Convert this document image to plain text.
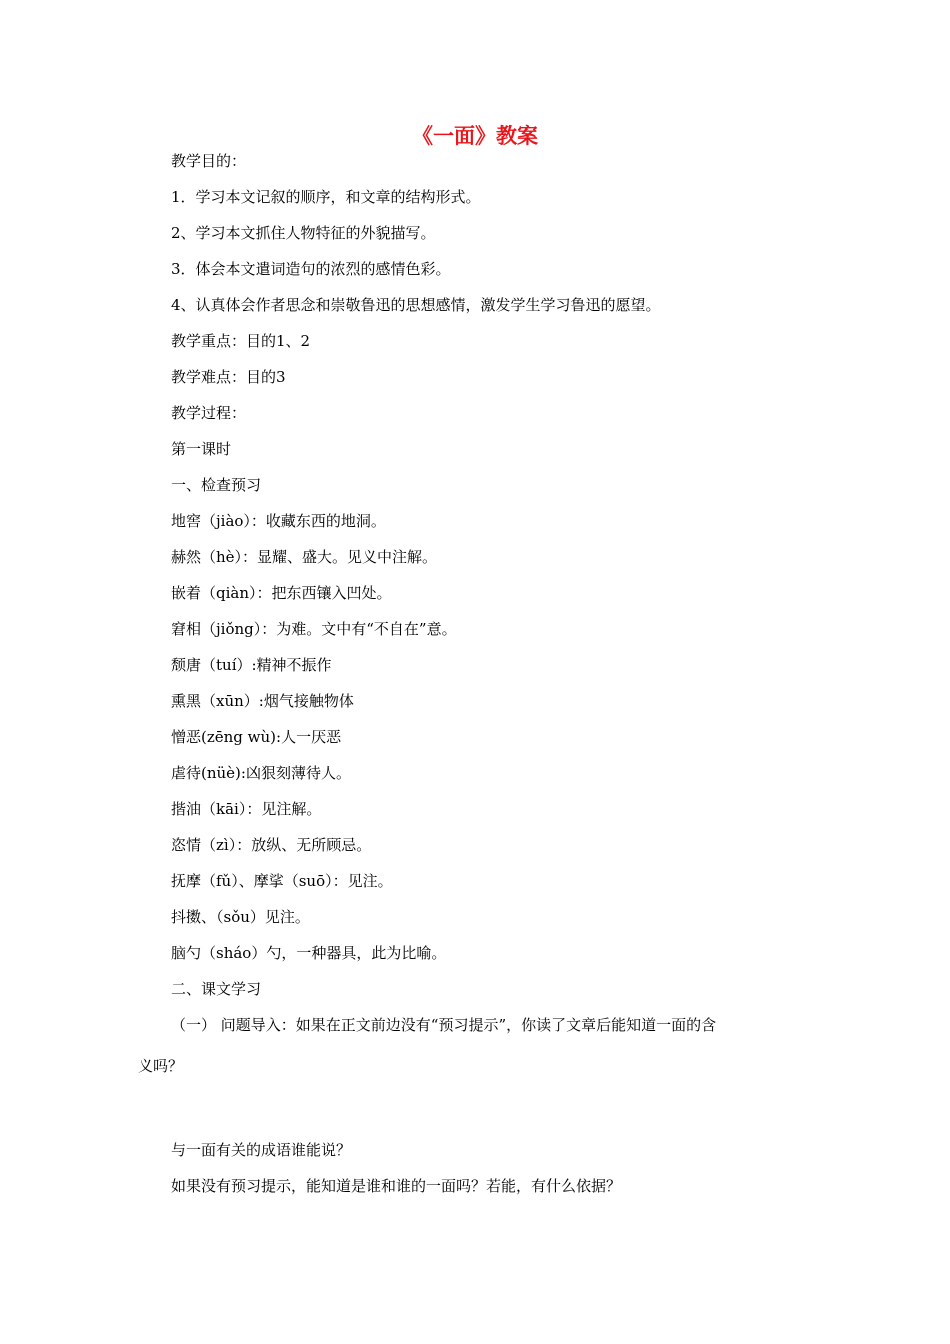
《一面》教案
教学目的：
1．学习本文记叙的顺序，和文章的结构形式。
2、学习本文抓住人物特征的外貌描写。
3．体会本文遣词造句的浓烈的感情色彩。
4、认真体会作者思念和崇敬鲁迅的思想感情，激发学生学习鲁迅的愿望。
教学重点：目的1、2
教学难点：目的3
教学过程：
第一课时
一、检查预习
地窖（jiào）：收藏东西的地洞。
赫然（hè）：显耀、盛大。见义中注解。
嵌着（qiàn）：把东西镶入凹处。
窘相（jiǒng）：为难。文中有“不自在”意。
颓唐（tuí）:精神不振作
熏黑（xūn）:烟气接触物体
憎恶(zēng wù):人一厌恶
虐待(nüè):凶狠刻薄待人。
揩油（kāi）：见注解。
恣情（zì）：放纵、无所顾忌。
抚摩（fǔ）、摩挲（suō）：见注。
抖擞、（sǒu）见注。
脑勺（sháo）勺，一种器具，此为比喻。
二、课文学习
（一） 问题导入：如果在正文前边没有“预习提示”，你读了文章后能知道一面的含
义吗？
与一面有关的成语谁能说？
如果没有预习提示，能知道是谁和谁的一面吗？若能，有什么依据？
